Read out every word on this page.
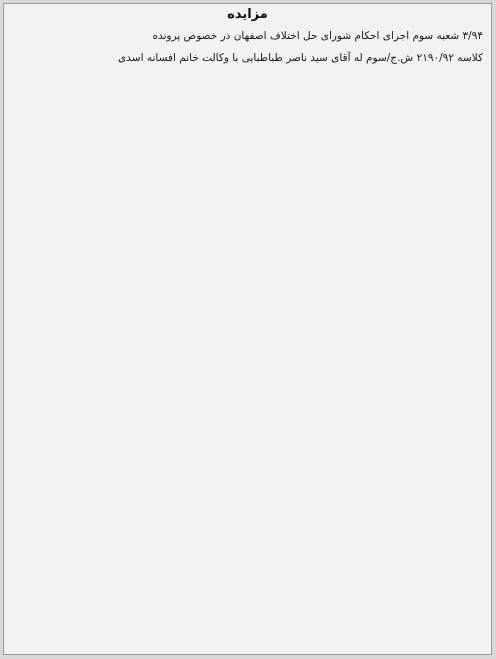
مزایده

۳/۹۴ شعبه سوم اجرای احکام شورای حل اختلاف اصفهان در خصوص پرونده

کلاسه ۲۱۹۰/۹۲ ش.ج/سوم له آقای سید ناصر طباطبایی با وکالت خانم افسانه اسدی
